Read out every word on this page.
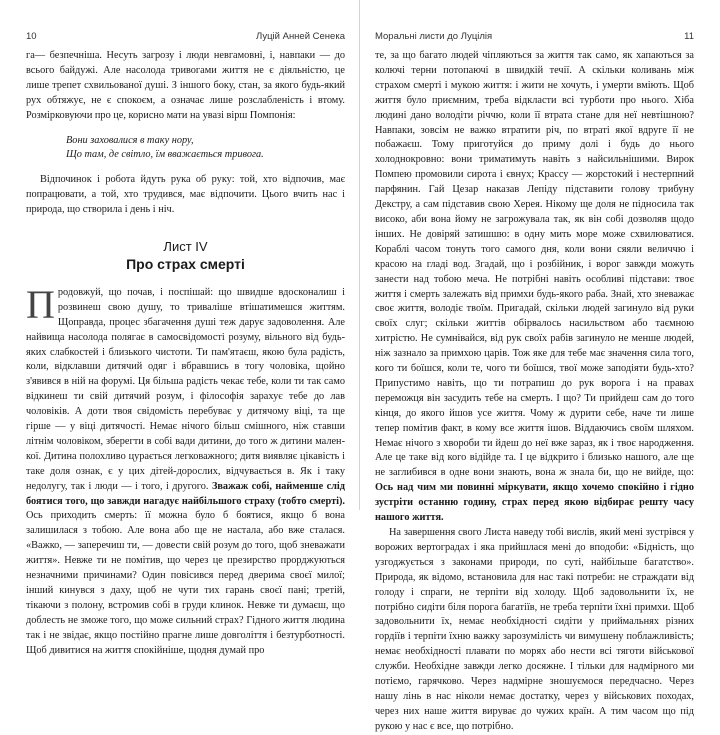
10	Луцій Анней Сенека

га— безпечніша. Несуть загрозу і люди невгамовні, і, навпаки — до всього байдужі. Але насолода тривогами життя не є діяльністю, це лише трепет схвильованої душі. З іншого боку, стан, за якого будь-який рух обтяжує, не є спокоєм, а означає лише розслабленість і втому. Розмірковуючи про це, корисно мати на увазі вірш Помпонія:

Вони заховалися в таку нору,
Що там, де світло, їм вважається тривога.

Відпочинок і робота йдуть рука об руку: той, хто відпочив, має попрацювати, а той, хто трудився, має відпочити. Цього вчить нас і природа, що створила і день і ніч.

Лист IV
Про страх смерті

Продовжуй, що почав, і поспішай: що швидше вдосконалиш і розвинеш свою душу, то триваліше втішатимешся життям. Щоправда, процес збагачення душі теж дарує задоволення. Але найвища насолода полягає в самосвідомості розуму, вільного від будь-яких слабкостей і близького чистоти. Ти пам'ятаєш, якою була радість, коли, відклавши дитячий одяг і вбравшись в тогу чоловіка, щойно з'явився в ній на форумі. Ця більша радість чекає тебе, коли ти так само відкинеш ти свій дитячий розум, і філософія зарахує тебе до лав чоловіків. А доти твоя свідомість перебуває у дитячому віці, та ще гірше — у віці дитячості. Немає нічого більш смішного, ніж ставши літнім чоловіком, зберегти в собі вади дитини, до того ж дитини маленкої. Дитина полохливо цурається легковажного; дитя виявляє цікавість і таке доля ознак, є у цих дітей-дорослих, відчувається в. Як і таку недолугу, так і люди — і того, і другого. Зважаж собі, найменше слід боятися того, що завжди нагадує найбільшого страху (тобто смерті). Ось приходить смерть: її можна було б боятися, якщо б вона залишилася з тобою. Але вона або ще не настала, або вже сталася. «Важко, — заперечиш ти, — довести свій розум до того, щоб зневажати життя». Невже ти не помітив, що через це презирство прорджуються незначними причинами? Один повісився перед дверима своєї милої; інший кинувся з даху, щоб не чути тих гарань своєї пані; третій, тікаючи з полону, встромив собі в груди клинок. Невже ти думаєш, що доблесть не зможе того, що може сильний страх? Гідного життя людина так і не звідає, якщо постійно прагне лише довголіття і безтурботності. Щоб дивитися на життя спокійніше, щодня думай про

Моральні листи до Луцілія	11

те, за що багато людей чіпляються за життя так само, як хапаються за колючі терни потопаючі в швидкій течії. А скільки коливань між страхом смерті і мукою життя: і жити не хочуть, і умерти вміють. Щоб життя було приємним, треба відкласти всі турботи про нього. Хіба людині дано володіти річчю, коли її втрата стане для неї невтішною? Навпаки, зовсім не важко втратити річ, по втраті якої вдруге її не побажаєш. Тому приготуйся до приму долі і будь до нього холоднокровно: вони триматимуть навіть з найсильнішими. Вирок Помпею промовили сирота і євнух; Крассу — жорстокий і нестерпний парфянин. Гай Цезар наказав Лепіду підставити голову трибуну Декстру, а сам підставив свою Херея. Нікому ще доля не підносила так високо, аби вона йому не загрожувала так, як він собі дозволяв щодо інших. Не довіряй затишшю: в одну мить море може схвилюватися. Кораблі часом тонуть того самого дня, коли вони сяяли величчю і красою на гладі вод. Згадай, що і розбійник, і ворог завжди можуть занести над тобою меча. Не потрібні навіть особливі підстави: твоє життя і смерть залежать від примхи будь-якого раба. Знай, хто зневажає своє життя, володіє твоїм. Пригадай, скільки людей загинуло від руки своїх слуг; скільки життів обірвалось насильством або таємною хитрістю. Не сумнівайся, від рук своїх рабів загинуло не менше людей, ніж зазнало за примхою царів. Тож яке для тебе має значення сила того, кого ти боїшся, коли те, чого ти боїшся, твої може заподіяти будь-хто? Припустимо навіть, що ти потрапиш до рук ворога і на правах переможця він засудить тебе на смерть. І що? Ти прийдеш сам до того кінця, до якого йшов усе життя. Чому ж дурити себе, наче ти лише тепер помітив факт, в кому все життя ішов. Віддаючись своїм шляхом. Немає нічого з хвороби ти йдеш до неї вже зараз, як і твоє народження. Але це таке від кого відійде та. І це відкрито і близько нашого, але ще не заглибився в одне вони знають, вона ж знала би, що не вийде, що: Ось над чим ми повинні міркувати, якщо хочемо спокійно і гідно зустріти останню годину, страх перед якою відбирає решту часу нашого життя.

На завершення свого Листа наведу тобі вислів, який мені зустрівся у ворожих вертоградах і яка прийшлася мені до вподоби: «Бідність, що узгоджується з законами природи, по суті, найбільше багатство». Природа, як відомо, встановила для нас такі потреби: не страждати від голоду і спраги, не терпіти від холоду. Щоб задовольнити їх, не потрібно сидіти біля порога багатіїв, не треба терпіти їхні примхи. Щоб задовольнити їх, немає необхідності сидіти у приймальнях різних гордіїв і терпіти їхню важку зарозумілість чи вимушену поблажливість; немає необхідності плавати по морях або нести всі тяготи військової служби. Необхідне завжди легко досяжне. І тільки для надмірного ми потіємо, гарячково. Через надмірне зношуємося передчасно. Через нашу лінь в нас ніколи немає достатку, через у військових походах, через них наше життя вируває до чужих країн. А тим часом що під рукою у нас є все, що потрібно.
